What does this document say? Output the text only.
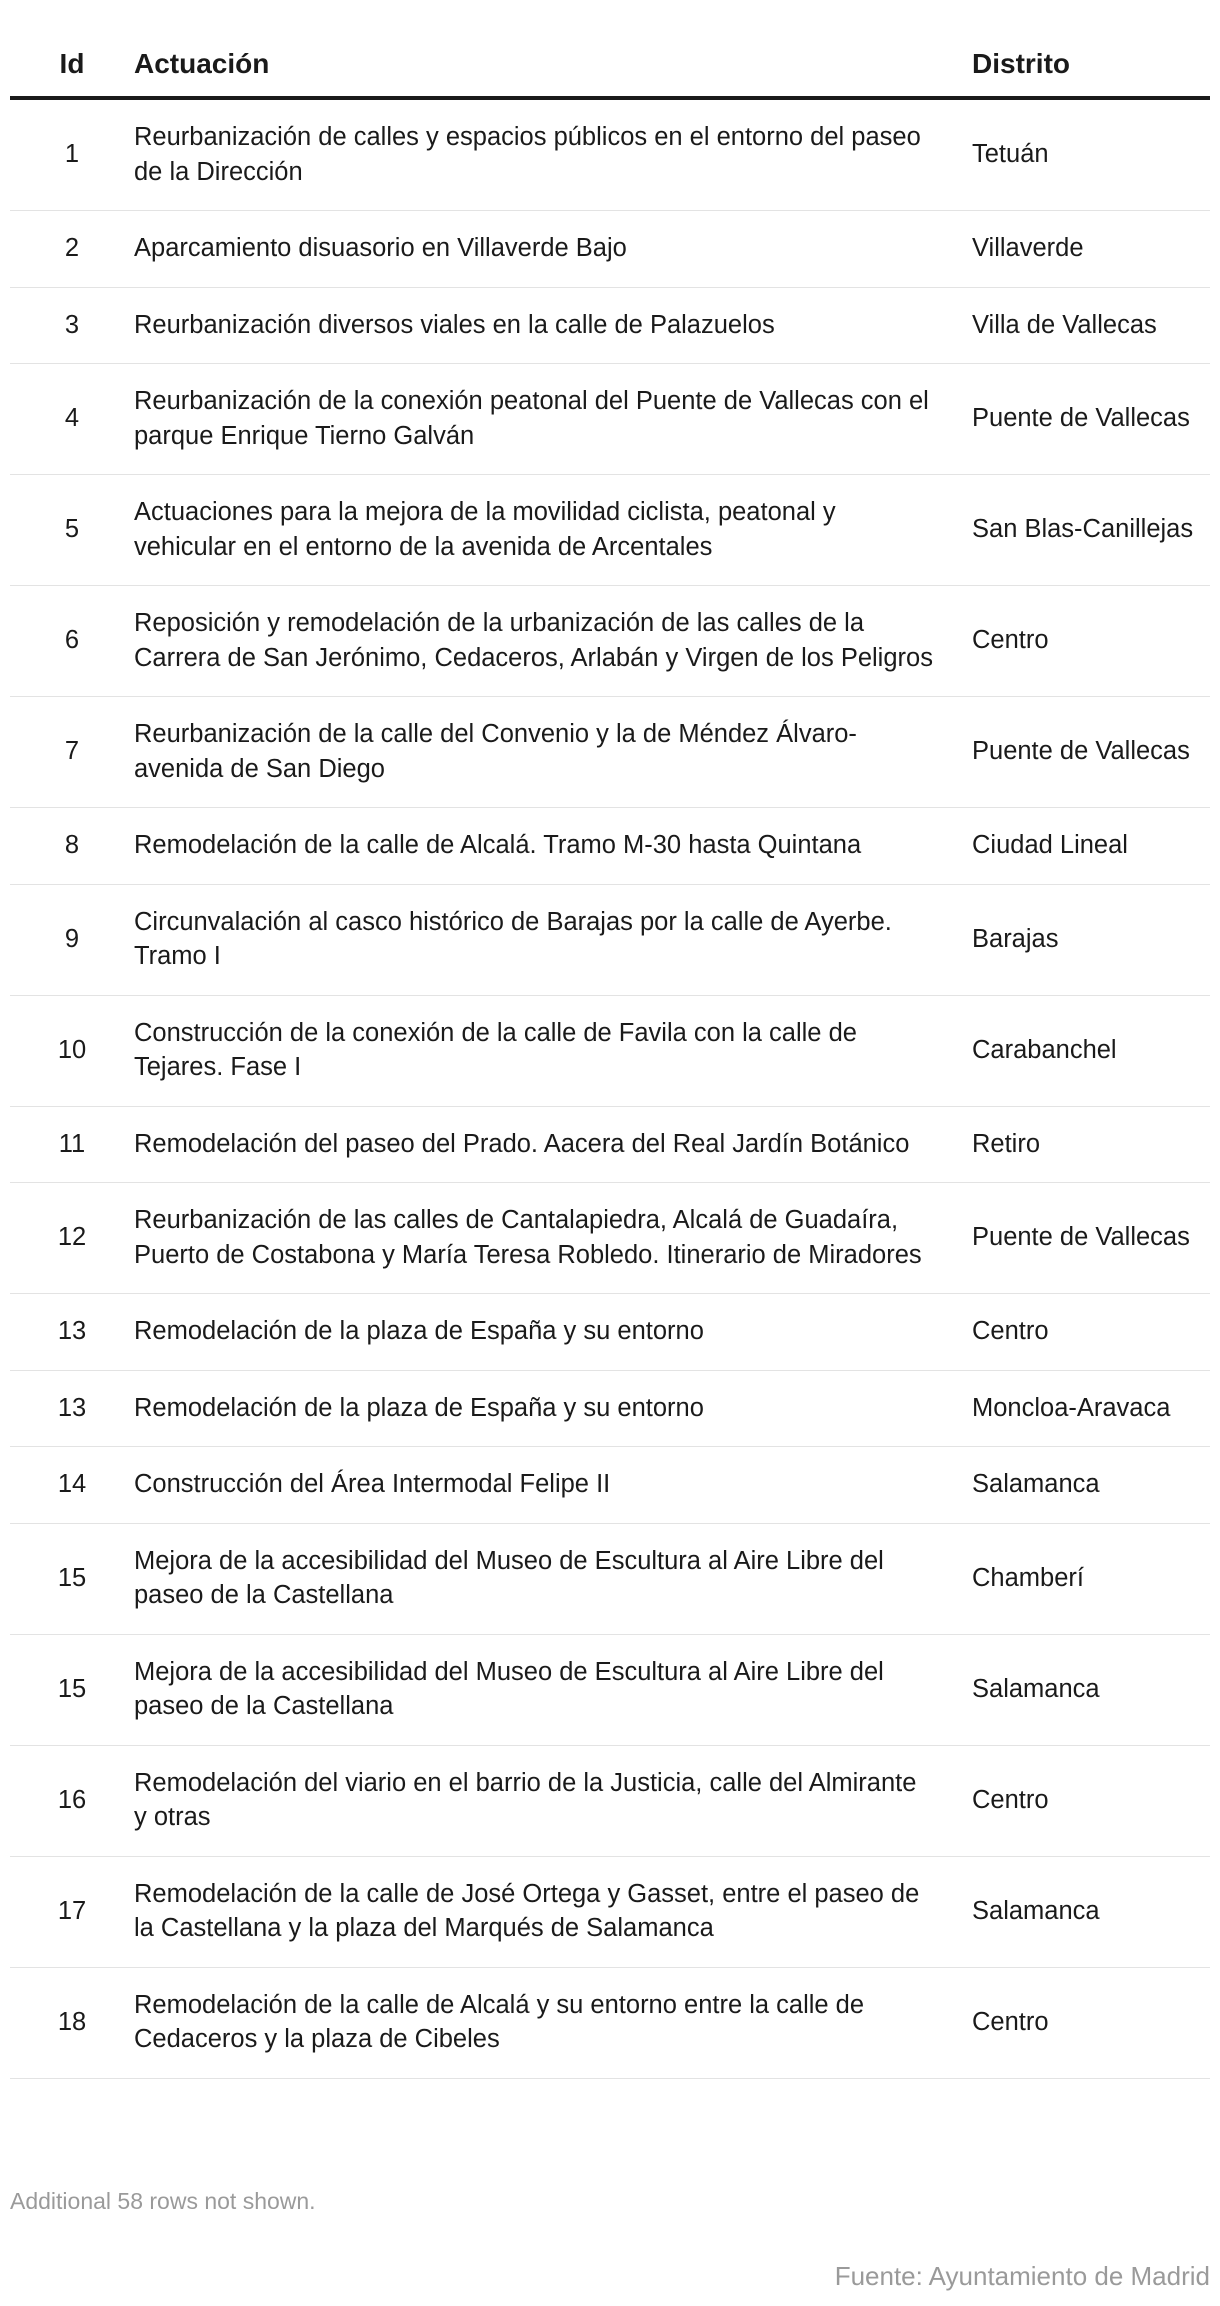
Id	Actuación	Distrito
1	Reurbanización de calles y espacios públicos en el entorno del paseo de la Dirección	Tetuán
2	Aparcamiento disuasorio en Villaverde Bajo	Villaverde
3	Reurbanización diversos viales en la calle de Palazuelos	Villa de Vallecas
4	Reurbanización de la conexión peatonal del Puente de Vallecas con el parque Enrique Tierno Galván	Puente de Vallecas
5	Actuaciones para la mejora de la movilidad ciclista, peatonal y vehicular en el entorno de la avenida de Arcentales	San Blas-Canillejas
6	Reposición y remodelación de la urbanización de las calles de la Carrera de San Jerónimo, Cedaceros, Arlabán y Virgen de los Peligros	Centro
7	Reurbanización de la calle del Convenio y la de Méndez Álvaro-avenida de San Diego	Puente de Vallecas
8	Remodelación de la calle de Alcalá. Tramo M-30 hasta Quintana	Ciudad Lineal
9	Circunvalación al casco histórico de Barajas por la calle de Ayerbe. Tramo I	Barajas
10	Construcción de la conexión de la calle de Favila con la calle de Tejares. Fase I	Carabanchel
11	Remodelación del paseo del Prado. Aacera del Real Jardín Botánico	Retiro
12	Reurbanización de las calles de Cantalapiedra, Alcalá de Guadaíra, Puerto de Costabona y María Teresa Robledo. Itinerario de Miradores	Puente de Vallecas
13	Remodelación de la plaza de España y su entorno	Centro
13	Remodelación de la plaza de España y su entorno	Moncloa-Aravaca
14	Construcción del Área Intermodal Felipe II	Salamanca
15	Mejora de la accesibilidad del Museo de Escultura al Aire Libre del paseo de la Castellana	Chamberí
15	Mejora de la accesibilidad del Museo de Escultura al Aire Libre del paseo de la Castellana	Salamanca
16	Remodelación del viario en el barrio de la Justicia, calle del Almirante y otras	Centro
17	Remodelación de la calle de José Ortega y Gasset, entre el paseo de la Castellana y la plaza del Marqués de Salamanca	Salamanca
18	Remodelación de la calle de Alcalá y su entorno entre la calle de Cedaceros y la plaza de Cibeles	Centro
Additional 58 rows not shown.
Fuente: Ayuntamiento de Madrid
